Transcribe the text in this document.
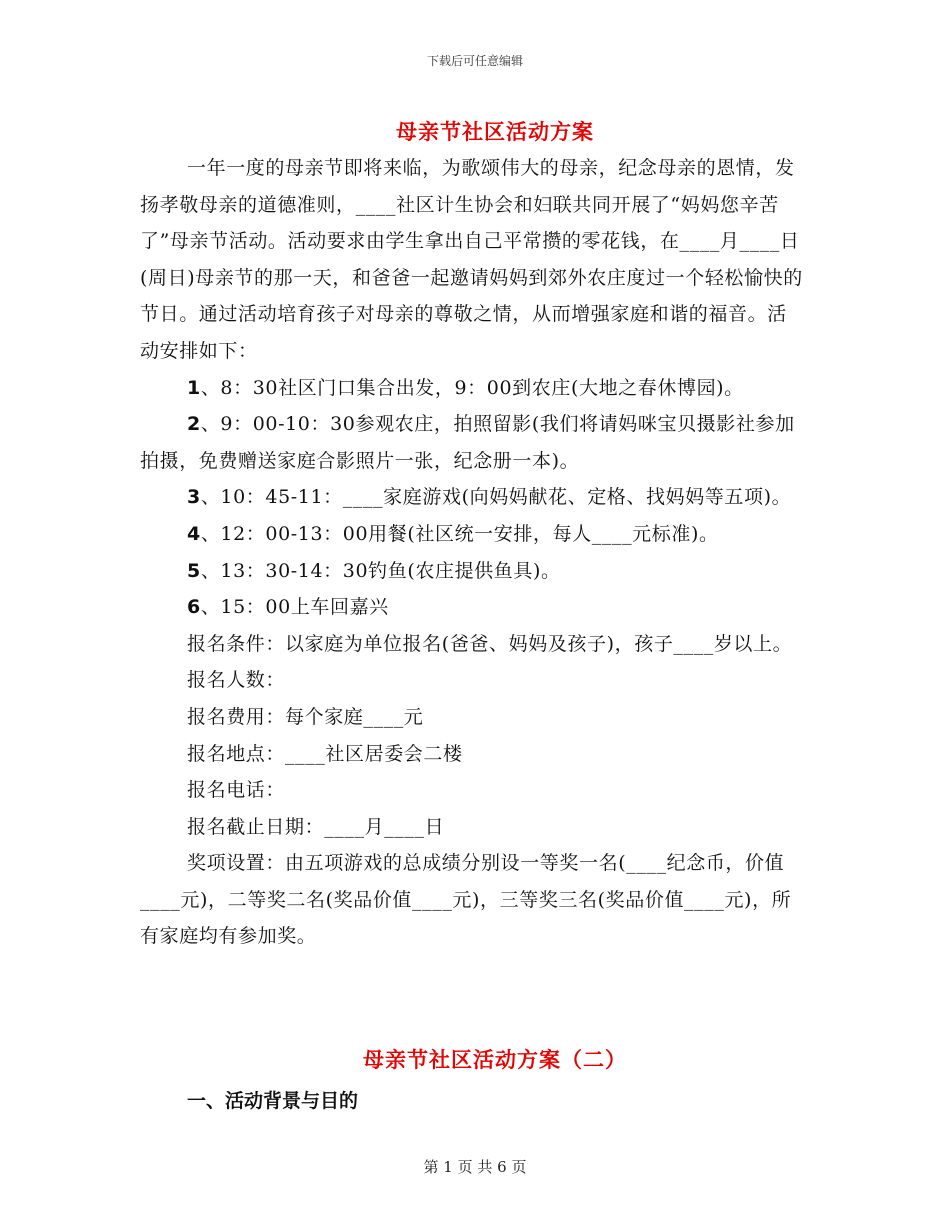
下载后可任意编辑
母亲节社区活动方案

一年一度的母亲节即将来临，为歌颂伟大的母亲，纪念母亲的恩情，发扬孝敬母亲的道德准则，____社区计生协会和妇联共同开展了“妈妈您辛苦了”母亲节活动。活动要求由学生拿出自己平常攒的零花钱，在____月____日(周日)母亲节的那一天，和爸爸一起邀请妈妈到郊外农庄度过一个轻松愉快的节日。通过活动培育孩子对母亲的尊敬之情，从而增强家庭和谐的福音。活动安排如下：

1、8：30社区门口集合出发，9：00到农庄(大地之春休博园)。

2、9：00-10：30参观农庄，拍照留影(我们将请妈咪宝贝摄影社参加拍摄，免费赠送家庭合影照片一张，纪念册一本)。

3、10：45-11：____家庭游戏(向妈妈献花、定格、找妈妈等五项)。

4、12：00-13：00用餐(社区统一安排，每人____元标准)。

5、13：30-14：30钓鱼(农庄提供鱼具)。

6、15：00上车回嘉兴

报名条件：以家庭为单位报名(爸爸、妈妈及孩子)，孩子____岁以上。

报名人数：

报名费用：每个家庭____元

报名地点：____社区居委会二楼

报名电话：

报名截止日期：____月____日

奖项设置：由五项游戏的总成绩分别设一等奖一名(____纪念币，价值____元)，二等奖二名(奖品价值____元)，三等奖三名(奖品价值____元)，所有家庭均有参加奖。

母亲节社区活动方案（二）
一、活动背景与目的
第 1 页 共 6 页
